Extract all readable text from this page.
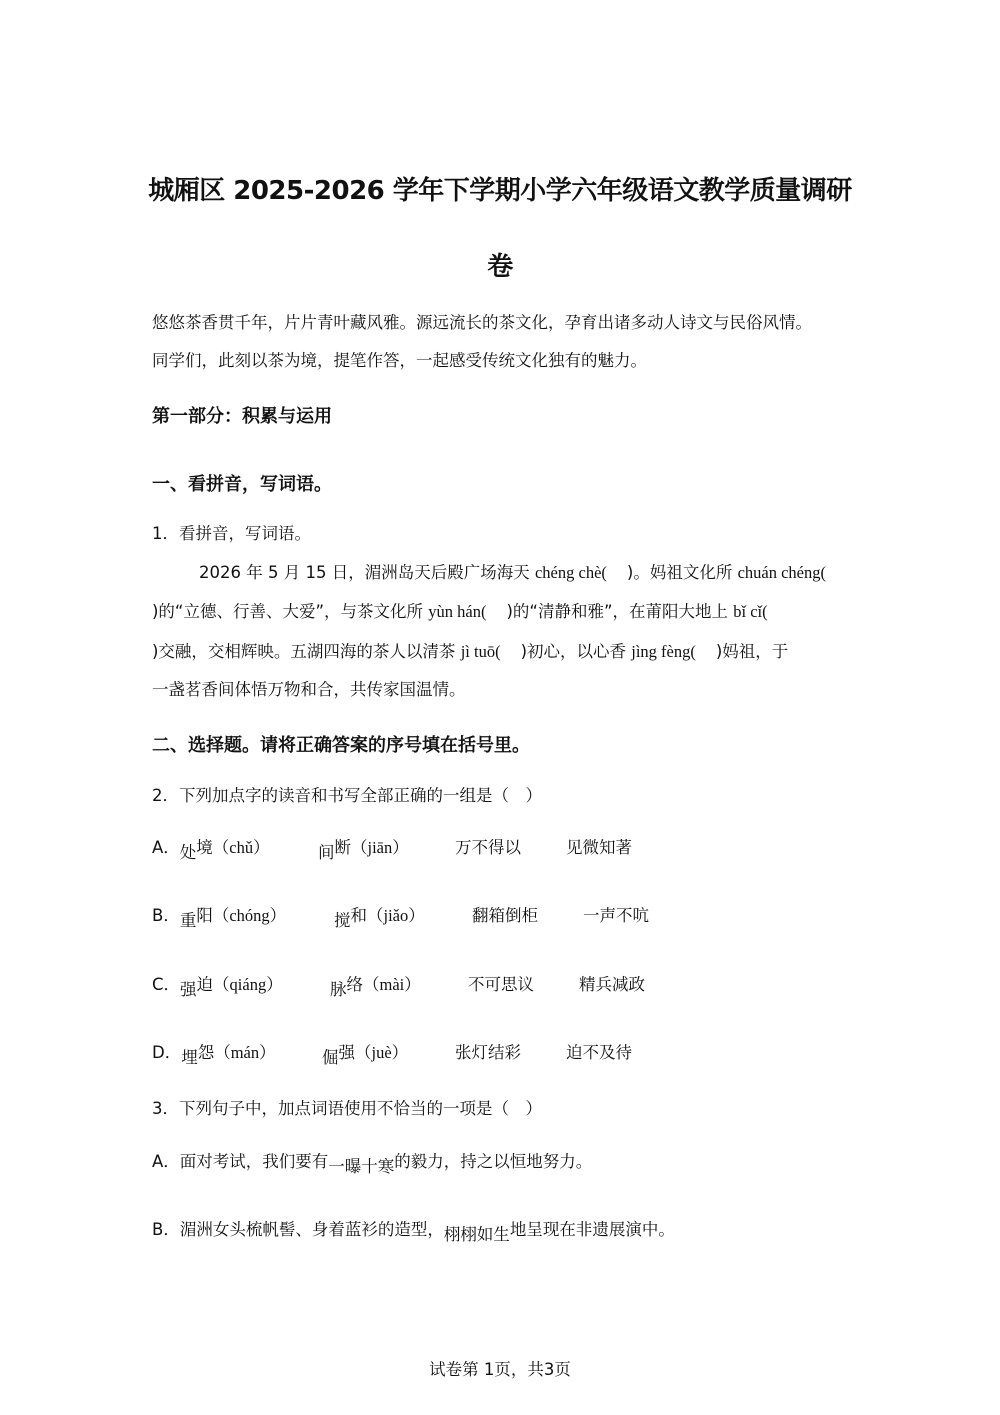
城厢区 2025-2026 学年下学期小学六年级语文教学质量调研
卷
悠悠茶香贯千年，片片青叶藏风雅。源远流长的茶文化，孕育出诸多动人诗文与民俗风情。
同学们，此刻以茶为境，提笔作答，一起感受传统文化独有的魅力。
第一部分：积累与运用
一、看拼音，写词语。
1．看拼音，写词语。
2026 年 5 月 15 日，湄洲岛天后殿广场海天 chéng chè(  )。妈祖文化所 chuán chéng(
)的“立德、行善、大爱”，与茶文化所 yùn hán(  )的“清静和雅”，在莆阳大地上 bǐ cǐ(
)交融，交相辉映。五湖四海的茶人以清茶 jì tuō(  )初心，以心香 jìng fèng(  )妈祖，于
一盏茗香间体悟万物和合，共传家国温情。
二、选择题。请将正确答案的序号填在括号里。
2．下列加点字的读音和书写全部正确的一组是（　）
A．处境（chǔ）	间断（jiān）	万不得以	见微知著
B．重阳（chóng）	搅和（jiǎo）	翻箱倒柜	一声不吭
C．强迫（qiáng）	脉络（mài）	不可思议	精兵减政
D．埋怨（mán）	倔强（juè）	张灯结彩	迫不及待
3．下列句子中，加点词语使用不恰当的一项是（　）
A．面对考试，我们要有一曝十寒的毅力，持之以恒地努力。
B．湄洲女头梳帆髻、身着蓝衫的造型，栩栩如生地呈现在非遗展演中。
试卷第 1页，共3页
